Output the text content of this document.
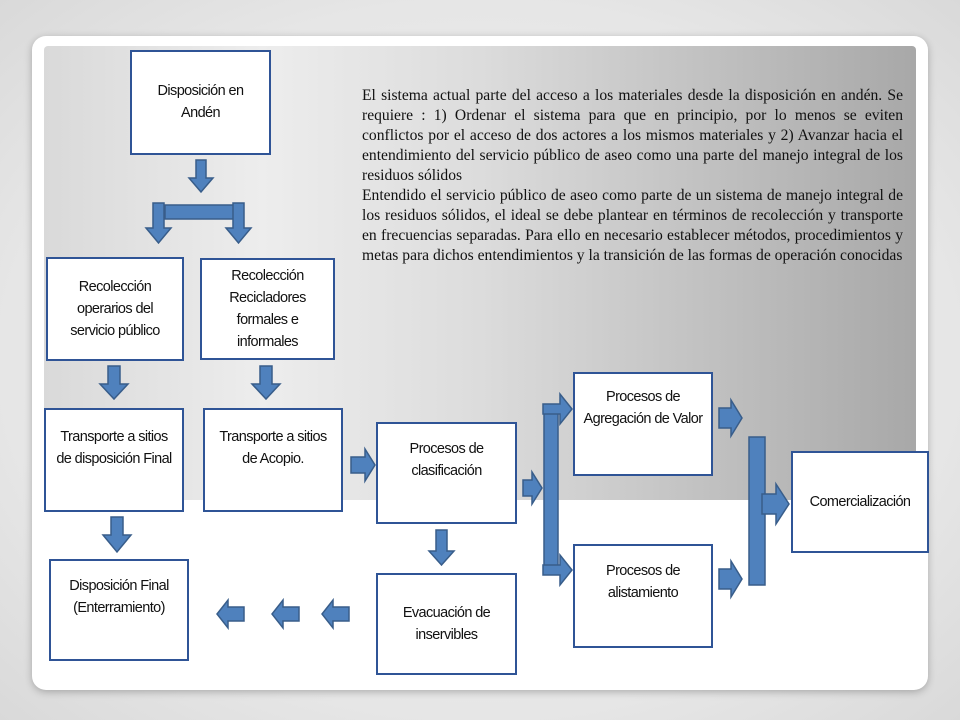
El sistema actual parte del acceso a los materiales desde la disposición en andén. Se requiere : 1) Ordenar el sistema para que en principio, por lo menos se eviten conflictos por el acceso de dos actores a los mismos materiales y 2) Avanzar hacia el entendimiento del servicio público de aseo como una parte del manejo integral de los residuos sólidos

Entendido el servicio público de aseo como parte de un sistema de manejo integral de los residuos sólidos, el ideal se debe plantear en términos de recolección y transporte en frecuencias separadas. Para ello en necesario establecer métodos, procedimientos y metas para dichos entendimientos y la transición de las formas de operación conocidas

Disposición en Andén
Recolección operarios del servicio público
Recolección Recicladores formales e informales
Transporte a sitios de disposición Final
Transporte a sitios de Acopio.
Procesos de clasificación
Procesos de Agregación de Valor
Procesos de alistamiento
Comercialización
Evacuación de inservibles
Disposición Final (Enterramiento)
